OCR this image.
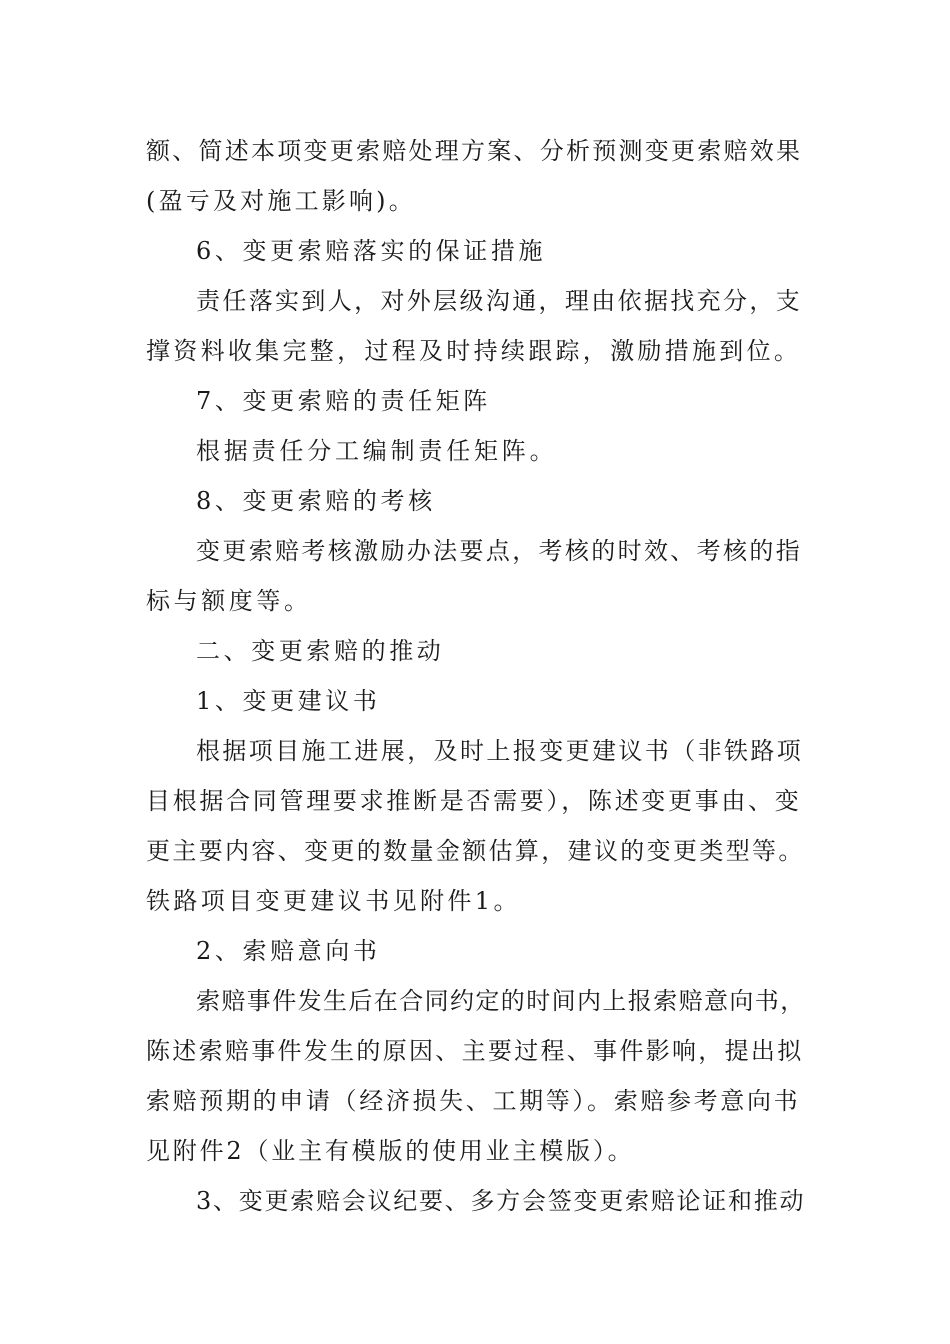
额、简述本项变更索赔处理方案、分析预测变更索赔效果
(盈亏及对施工影响)。
6、变更索赔落实的保证措施
责任落实到人，对外层级沟通，理由依据找充分，支
撑资料收集完整，过程及时持续跟踪，激励措施到位。
7、变更索赔的责任矩阵
根据责任分工编制责任矩阵。
8、变更索赔的考核
变更索赔考核激励办法要点，考核的时效、考核的指
标与额度等。
二、变更索赔的推动
1、变更建议书
根据项目施工进展，及时上报变更建议书（非铁路项
目根据合同管理要求推断是否需要），陈述变更事由、变
更主要内容、变更的数量金额估算，建议的变更类型等。
铁路项目变更建议书见附件1。
2、索赔意向书
索赔事件发生后在合同约定的时间内上报索赔意向书，
陈述索赔事件发生的原因、主要过程、事件影响，提出拟
索赔预期的申请（经济损失、工期等）。索赔参考意向书
见附件2（业主有模版的使用业主模版）。
3、变更索赔会议纪要、多方会签变更索赔论证和推动
